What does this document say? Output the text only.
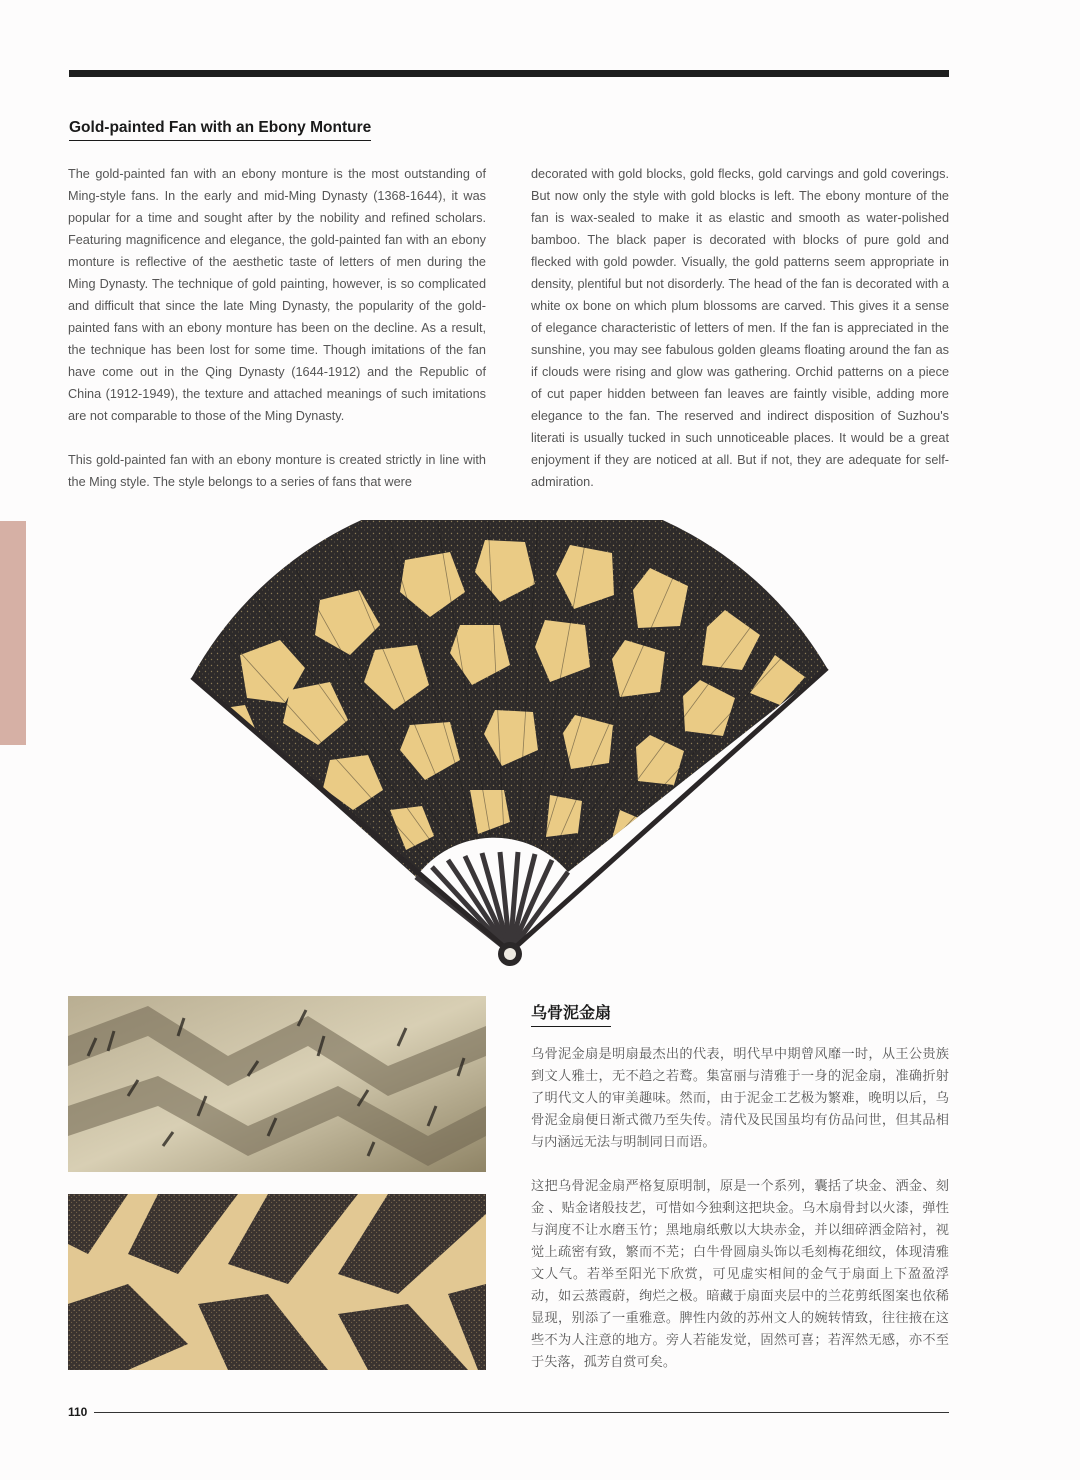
Gold-painted Fan with an Ebony Monture

The gold-painted fan with an ebony monture is the most outstanding of Ming-style fans. In the early and mid-Ming Dynasty (1368-1644), it was popular for a time and sought after by the nobility and refined scholars. Featuring magnificence and elegance, the gold-painted fan with an ebony monture is reflective of the aesthetic taste of letters of men during the Ming Dynasty. The technique of gold painting, however, is so complicated and difficult that since the late Ming Dynasty, the popularity of the gold-painted fans with an ebony monture has been on the decline. As a result, the technique has been lost for some time. Though imitations of the fan have come out in the Qing Dynasty (1644-1912) and the Republic of China (1912-1949), the texture and attached meanings of such imitations are not comparable to those of the Ming Dynasty.

This gold-painted fan with an ebony monture is created strictly in line with the Ming style. The style belongs to a series of fans that were

decorated with gold blocks, gold flecks, gold carvings and gold coverings. But now only the style with gold blocks is left. The ebony monture of the fan is wax-sealed to make it as elastic and smooth as water-polished bamboo. The black paper is decorated with blocks of pure gold and flecked with gold powder. Visually, the gold patterns seem appropriate in density, plentiful but not disorderly. The head of the fan is decorated with a white ox bone on which plum blossoms are carved. This gives it a sense of elegance characteristic of letters of men. If the fan is appreciated in the sunshine, you may see fabulous golden gleams floating around the fan as if clouds were rising and glow was gathering. Orchid patterns on a piece of cut paper hidden between fan leaves are faintly visible, adding more elegance to the fan. The reserved and indirect disposition of Suzhou's literati is usually tucked in such unnoticeable places. It would be a great enjoyment if they are noticed at all. But if not, they are adequate for self-admiration.

乌骨泥金扇

乌骨泥金扇是明扇最杰出的代表，明代早中期曾风靡一时，从王公贵族到文人雅士，无不趋之若鹜。集富丽与清雅于一身的泥金扇，准确折射了明代文人的审美趣味。然而，由于泥金工艺极为繁难，晚明以后，乌骨泥金扇便日渐式微乃至失传。清代及民国虽均有仿品问世，但其品相与内涵远无法与明制同日而语。

这把乌骨泥金扇严格复原明制，原是一个系列，囊括了块金、洒金、刻金 、贴金诸般技艺，可惜如今独剩这把块金。乌木扇骨封以火漆，弹性与润度不让水磨玉竹；黑地扇纸敷以大块赤金，并以细碎洒金陪衬，视觉上疏密有致，繁而不芜；白牛骨圆扇头饰以毛刻梅花细纹，体现清雅文人气。若举至阳光下欣赏，可见虚实相间的金气于扇面上下盈盈浮动，如云蒸霞蔚，绚烂之极。暗藏于扇面夹层中的兰花剪纸图案也依稀显现，别添了一重雅意。脾性内敛的苏州文人的婉转情致，往往掖在这些不为人注意的地方。旁人若能发觉，固然可喜；若浑然无感，亦不至于失落，孤芳自赏可矣。

110
